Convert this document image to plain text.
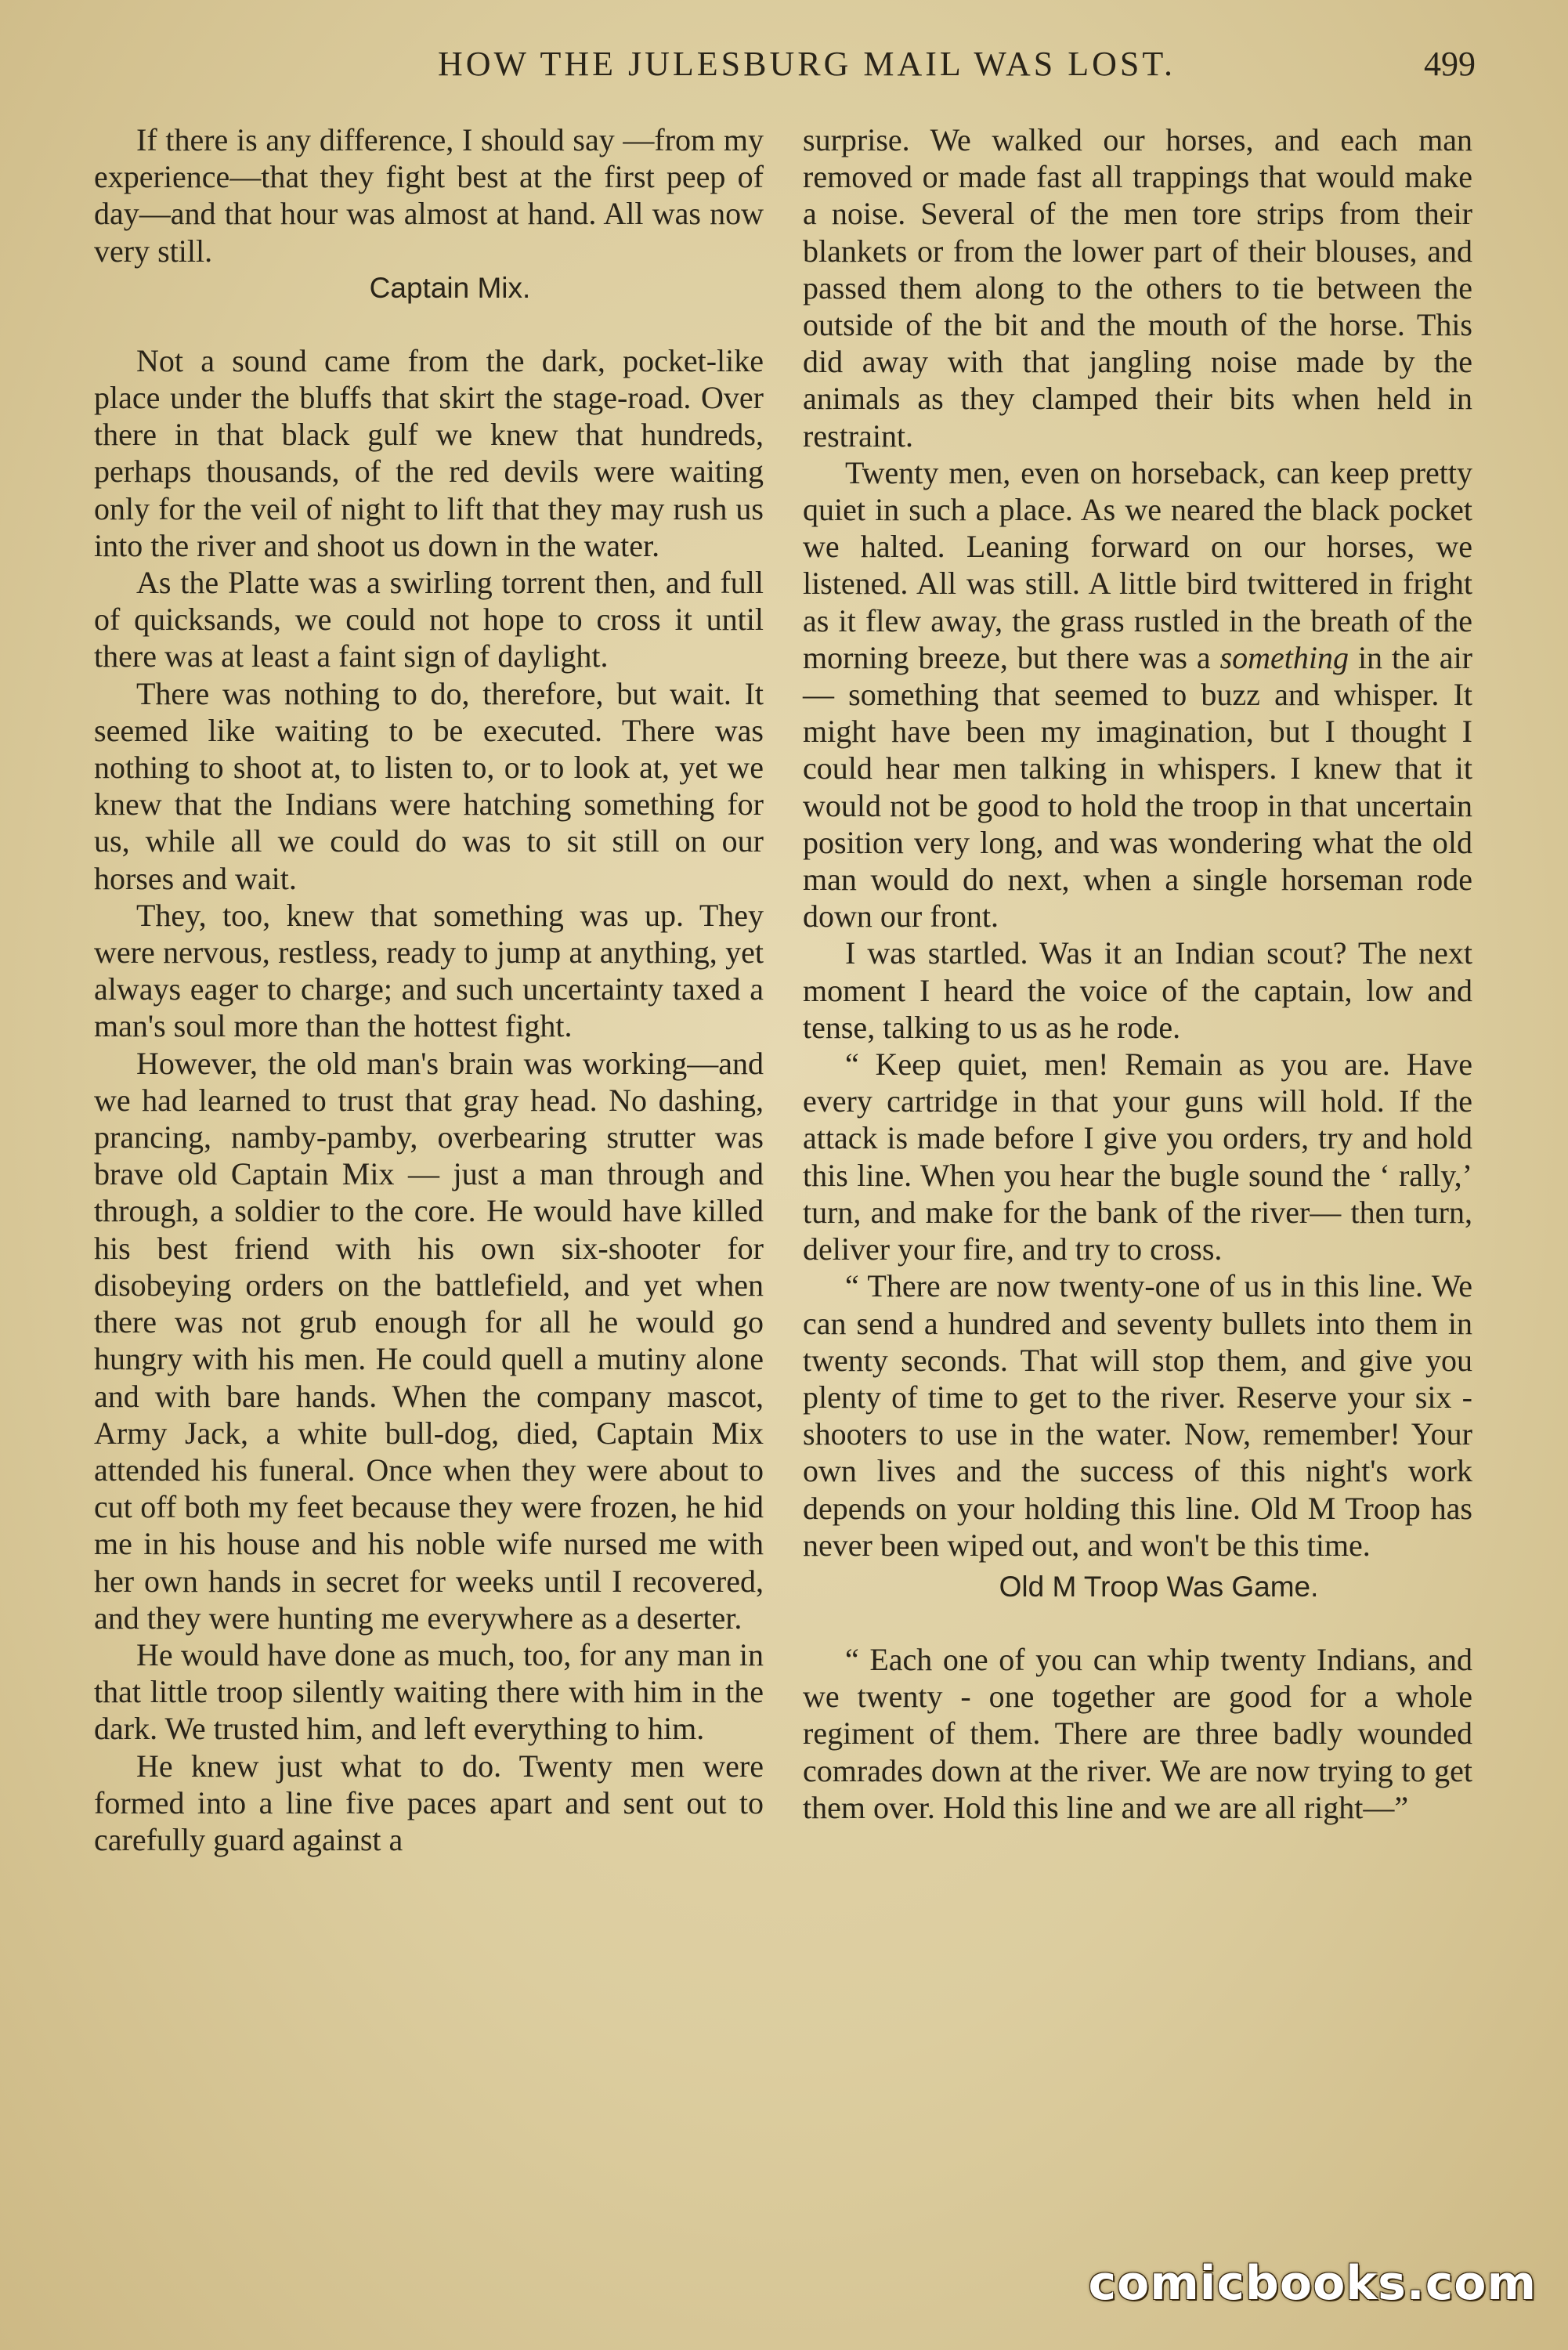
HOW THE JULESBURG MAIL WAS LOST.	499

If there is any difference, I should say —from my experience—that they fight best at the first peep of day—and that hour was almost at hand. All was now very still.

Captain Mix.

Not a sound came from the dark, pocket-like place under the bluffs that skirt the stage-road. Over there in that black gulf we knew that hundreds, perhaps thousands, of the red devils were waiting only for the veil of night to lift that they may rush us into the river and shoot us down in the water.

As the Platte was a swirling torrent then, and full of quicksands, we could not hope to cross it until there was at least a faint sign of daylight.

There was nothing to do, therefore, but wait. It seemed like waiting to be executed. There was nothing to shoot at, to listen to, or to look at, yet we knew that the Indians were hatching something for us, while all we could do was to sit still on our horses and wait.

They, too, knew that something was up. They were nervous, restless, ready to jump at anything, yet always eager to charge; and such uncertainty taxed a man's soul more than the hottest fight.

However, the old man's brain was working—and we had learned to trust that gray head. No dashing, prancing, namby-pamby, overbearing strutter was brave old Captain Mix — just a man through and through, a soldier to the core. He would have killed his best friend with his own six-shooter for disobeying orders on the battlefield, and yet when there was not grub enough for all he would go hungry with his men. He could quell a mutiny alone and with bare hands. When the company mascot, Army Jack, a white bull-dog, died, Captain Mix attended his funeral. Once when they were about to cut off both my feet because they were frozen, he hid me in his house and his noble wife nursed me with her own hands in secret for weeks until I recovered, and they were hunting me everywhere as a deserter.

He would have done as much, too, for any man in that little troop silently waiting there with him in the dark. We trusted him, and left everything to him.

He knew just what to do. Twenty men were formed into a line five paces apart and sent out to carefully guard against a

surprise. We walked our horses, and each man removed or made fast all trappings that would make a noise. Several of the men tore strips from their blankets or from the lower part of their blouses, and passed them along to the others to tie between the outside of the bit and the mouth of the horse. This did away with that jangling noise made by the animals as they clamped their bits when held in restraint.

Twenty men, even on horseback, can keep pretty quiet in such a place. As we neared the black pocket we halted. Leaning forward on our horses, we listened. All was still. A little bird twittered in fright as it flew away, the grass rustled in the breath of the morning breeze, but there was a something in the air — something that seemed to buzz and whisper. It might have been my imagination, but I thought I could hear men talking in whispers. I knew that it would not be good to hold the troop in that uncertain position very long, and was wondering what the old man would do next, when a single horseman rode down our front.

I was startled. Was it an Indian scout? The next moment I heard the voice of the captain, low and tense, talking to us as he rode.

“ Keep quiet, men! Remain as you are. Have every cartridge in that your guns will hold. If the attack is made before I give you orders, try and hold this line. When you hear the bugle sound the ‘ rally,’ turn, and make for the bank of the river— then turn, deliver your fire, and try to cross.

“ There are now twenty-one of us in this line. We can send a hundred and seventy bullets into them in twenty seconds. That will stop them, and give you plenty of time to get to the river. Reserve your six - shooters to use in the water. Now, remember! Your own lives and the success of this night's work depends on your holding this line. Old M Troop has never been wiped out, and won't be this time.

Old M Troop Was Game.

“ Each one of you can whip twenty Indians, and we twenty - one together are good for a whole regiment of them. There are three badly wounded comrades down at the river. We are now trying to get them over. Hold this line and we are all right—”

comicbooks.com
